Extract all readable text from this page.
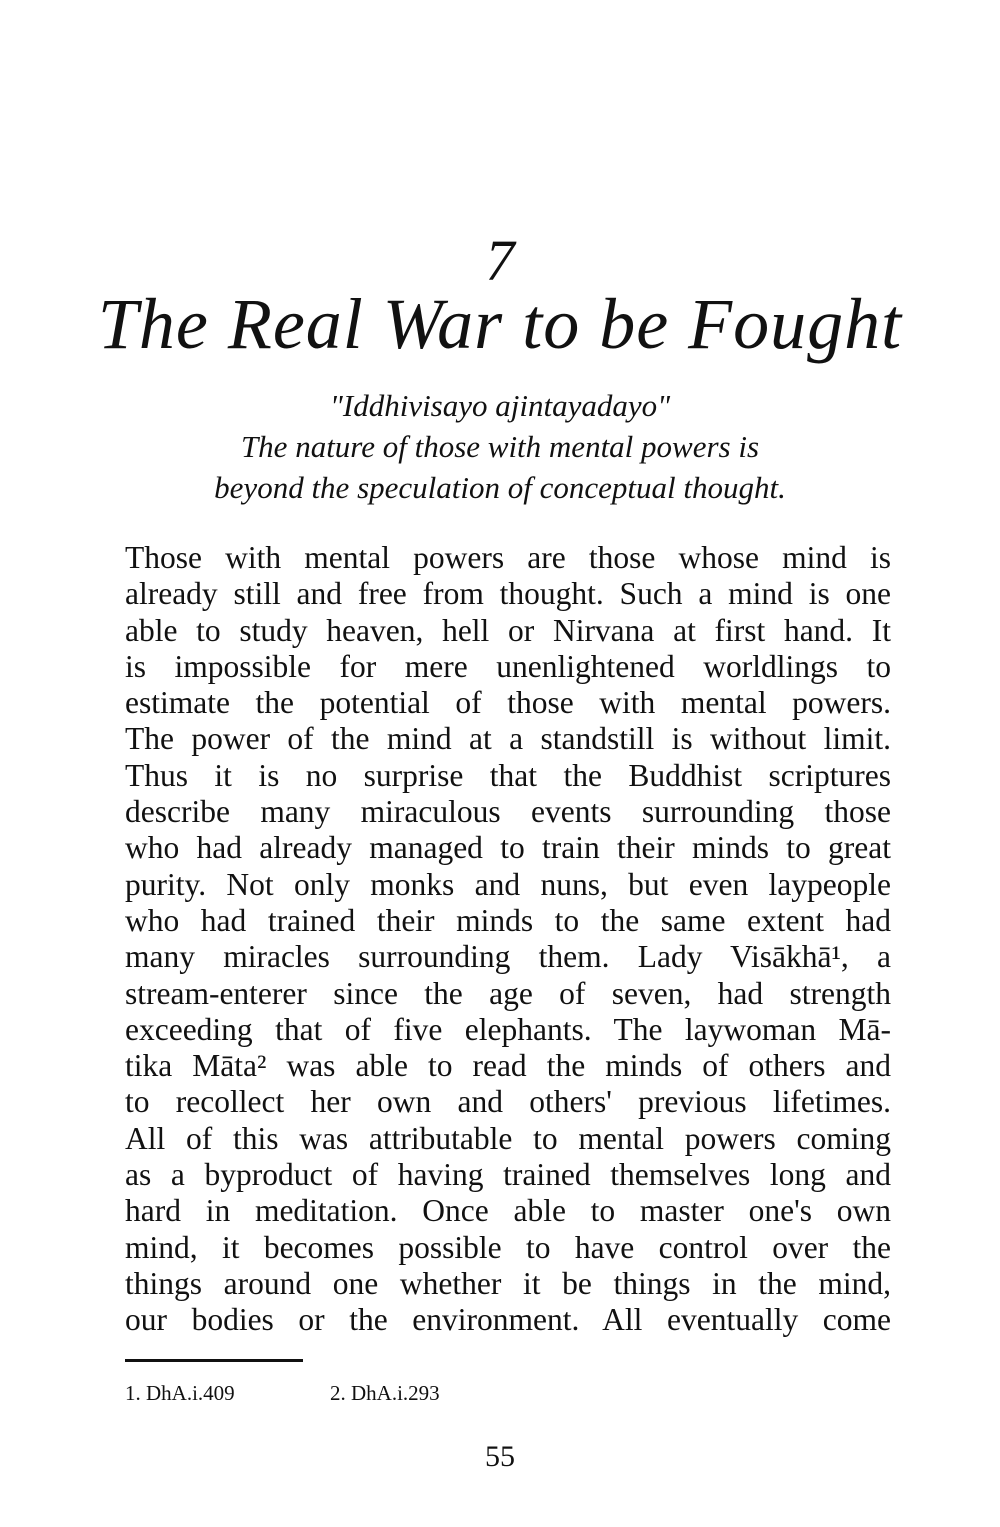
7
The Real War to be Fought
"Iddhivisayo ajintayadayo"
The nature of those with mental powers is
beyond the speculation of conceptual thought.
Those with mental powers are those whose mind is
already still and free from thought. Such a mind is one
able to study heaven, hell or Nirvana at first hand. It
is impossible for mere unenlightened worldlings to
estimate the potential of those with mental powers.
The power of the mind at a standstill is without limit.
Thus it is no surprise that the Buddhist scriptures
describe many miraculous events surrounding those
who had already managed to train their minds to great
purity. Not only monks and nuns, but even laypeople
who had trained their minds to the same extent had
many miracles surrounding them. Lady Visākhā¹, a
stream-enterer since the age of seven, had strength
exceeding that of five elephants. The laywoman Mā-
tika Māta² was able to read the minds of others and
to recollect her own and others' previous lifetimes.
All of this was attributable to mental powers coming
as a byproduct of having trained themselves long and
hard in meditation. Once able to master one's own
mind, it becomes possible to have control over the
things around one whether it be things in the mind,
our bodies or the environment. All eventually come
1. DhA.i.409	2. DhA.i.293
55
